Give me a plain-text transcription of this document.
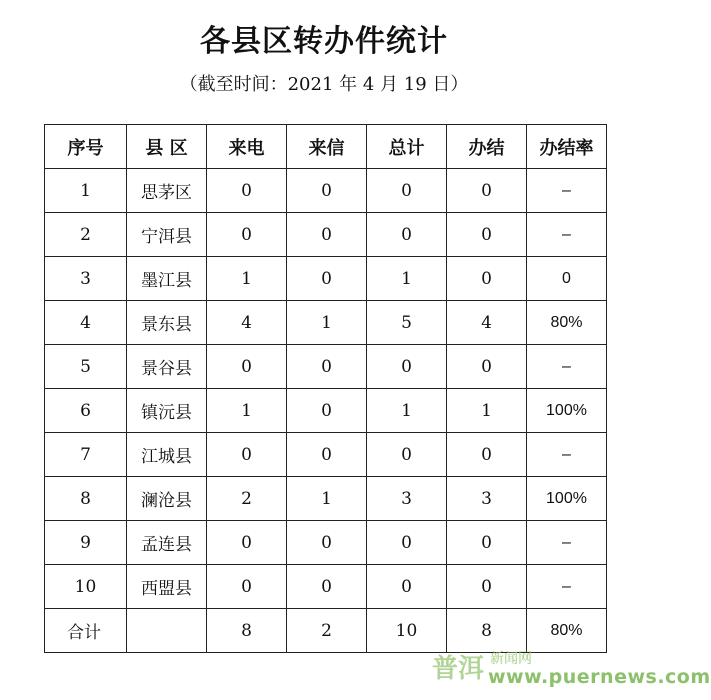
各县区转办件统计
（截至时间：2021 年 4 月 19 日）
序号	县 区	来电	来信	总计	办结	办结率
1	思茅区	0	0	0	0	–
2	宁洱县	0	0	0	0	–
3	墨江县	1	0	1	0	0
4	景东县	4	1	5	4	80%
5	景谷县	0	0	0	0	–
6	镇沅县	1	0	1	1	100%
7	江城县	0	0	0	0	–
8	澜沧县	2	1	3	3	100%
9	孟连县	0	0	0	0	–
10	西盟县	0	0	0	0	–
合计		8	2	10	8	80%
普洱 新闻网
www.puernews.com
